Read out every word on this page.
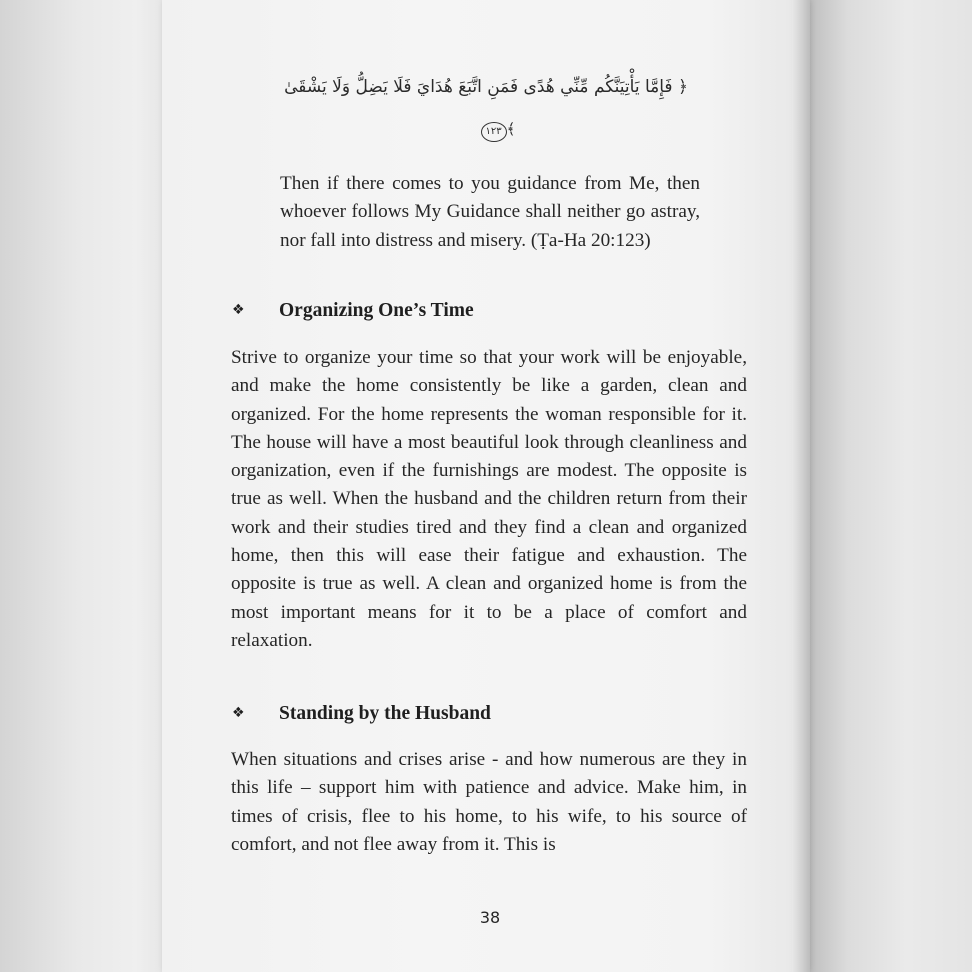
﴿ فَإِمَّا يَأْتِيَنَّكُم مِّنِّي هُدًى فَمَنِ اتَّبَعَ هُدَايَ فَلَا يَضِلُّ وَلَا يَشْقَىٰ
﴾١٢٣
Then if there comes to you guidance from Me, then whoever follows My Guidance shall neither go astray, nor fall into distress and misery. (Ṭa-Ha 20:123)
❖ Organizing One’s Time
Strive to organize your time so that your work will be enjoyable, and make the home consistently be like a garden, clean and organized. For the home represents the woman responsible for it. The house will have a most beautiful look through cleanliness and organization, even if the furnishings are modest. The opposite is true as well. When the husband and the children return from their work and their studies tired and they find a clean and organized home, then this will ease their fatigue and exhaustion. The opposite is true as well. A clean and organized home is from the most important means for it to be a place of comfort and relaxation.
❖ Standing by the Husband
When situations and crises arise - and how numerous are they in this life – support him with patience and advice. Make him, in times of crisis, flee to his home, to his wife, to his source of comfort, and not flee away from it. This is
38
